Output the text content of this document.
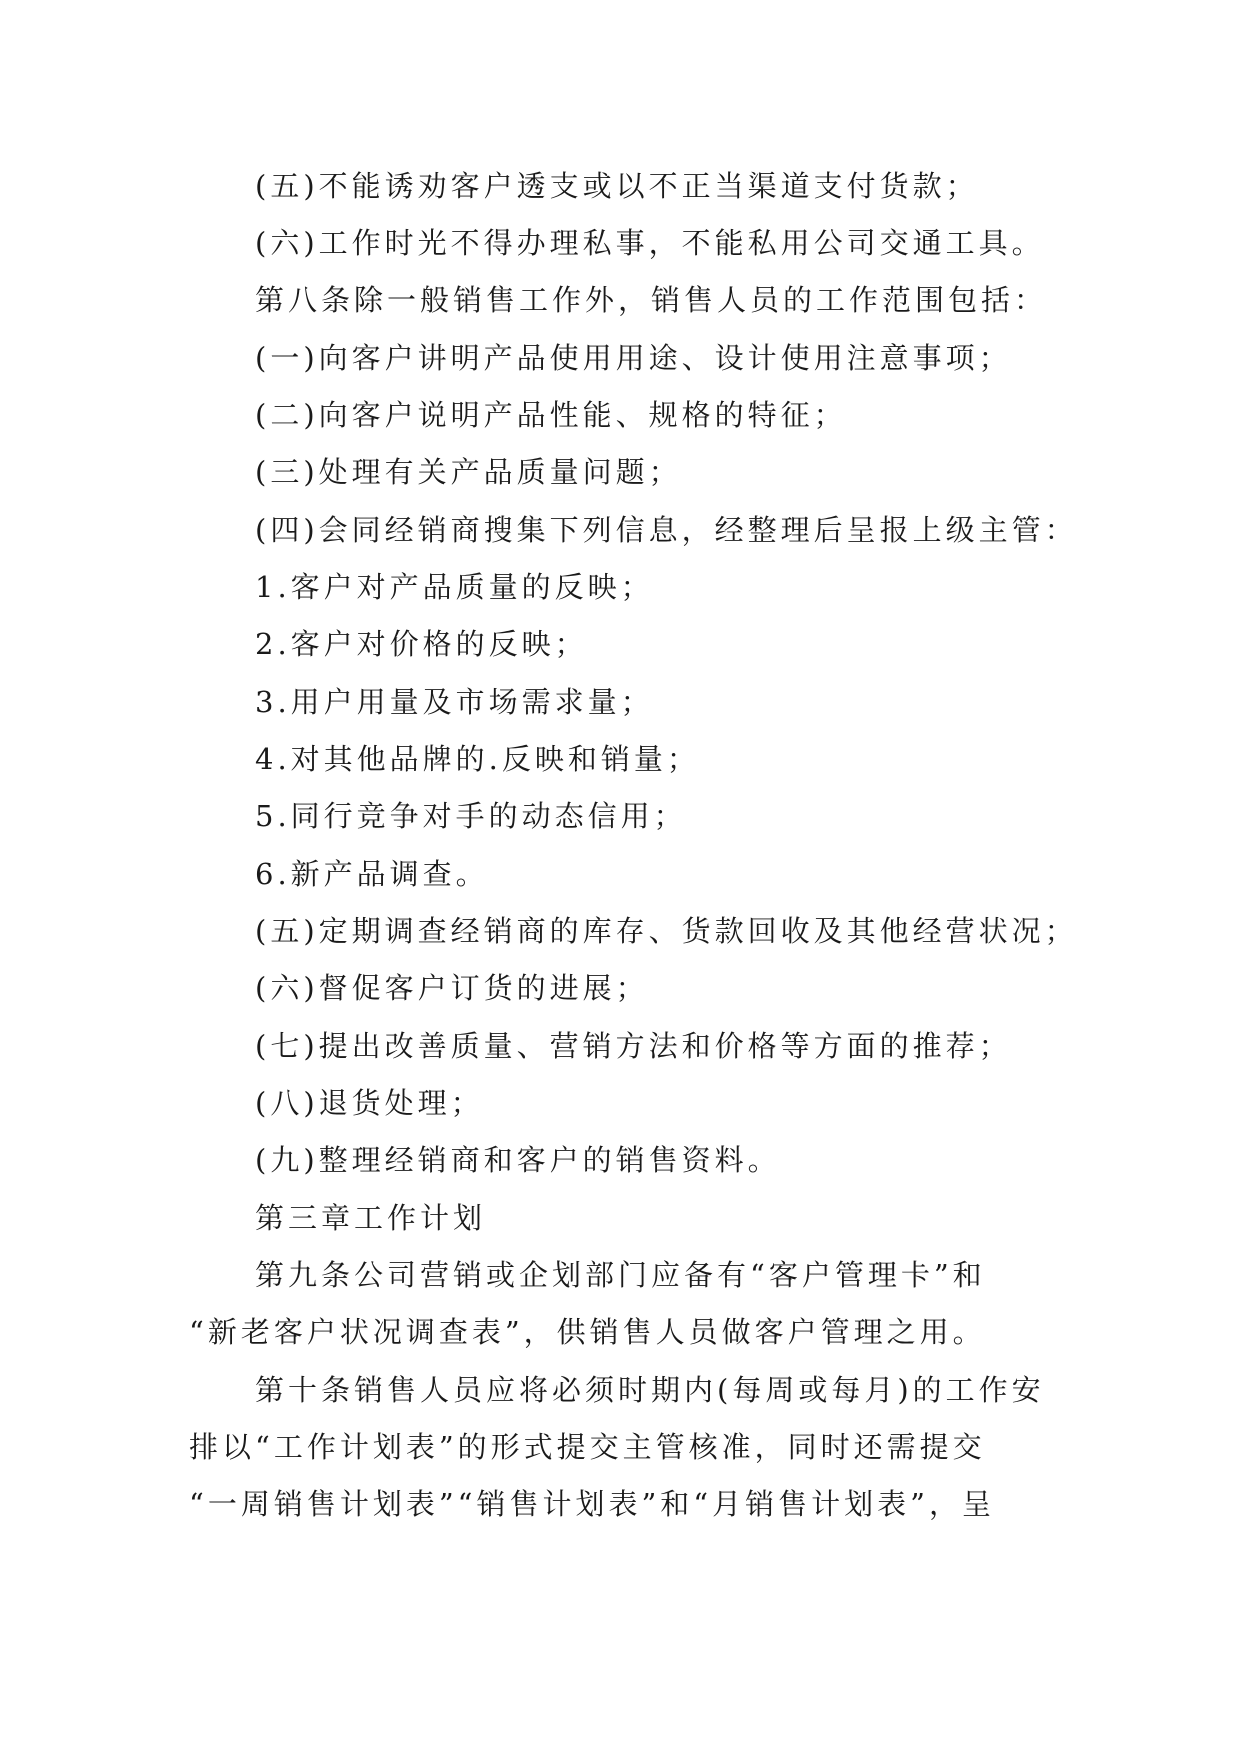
(五)不能诱劝客户透支或以不正当渠道支付货款；
(六)工作时光不得办理私事，不能私用公司交通工具。
第八条除一般销售工作外，销售人员的工作范围包括：
(一)向客户讲明产品使用用途、设计使用注意事项；
(二)向客户说明产品性能、规格的特征；
(三)处理有关产品质量问题；
(四)会同经销商搜集下列信息，经整理后呈报上级主管：
1.客户对产品质量的反映；
2.客户对价格的反映；
3.用户用量及市场需求量；
4.对其他品牌的.反映和销量；
5.同行竞争对手的动态信用；
6.新产品调查。
(五)定期调查经销商的库存、货款回收及其他经营状况；
(六)督促客户订货的进展；
(七)提出改善质量、营销方法和价格等方面的推荐；
(八)退货处理；
(九)整理经销商和客户的销售资料。
第三章工作计划
第九条公司营销或企划部门应备有“客户管理卡”和
“新老客户状况调查表”，供销售人员做客户管理之用。
第十条销售人员应将必须时期内(每周或每月)的工作安
排以“工作计划表”的形式提交主管核准，同时还需提交
“一周销售计划表”“销售计划表”和“月销售计划表”，呈
